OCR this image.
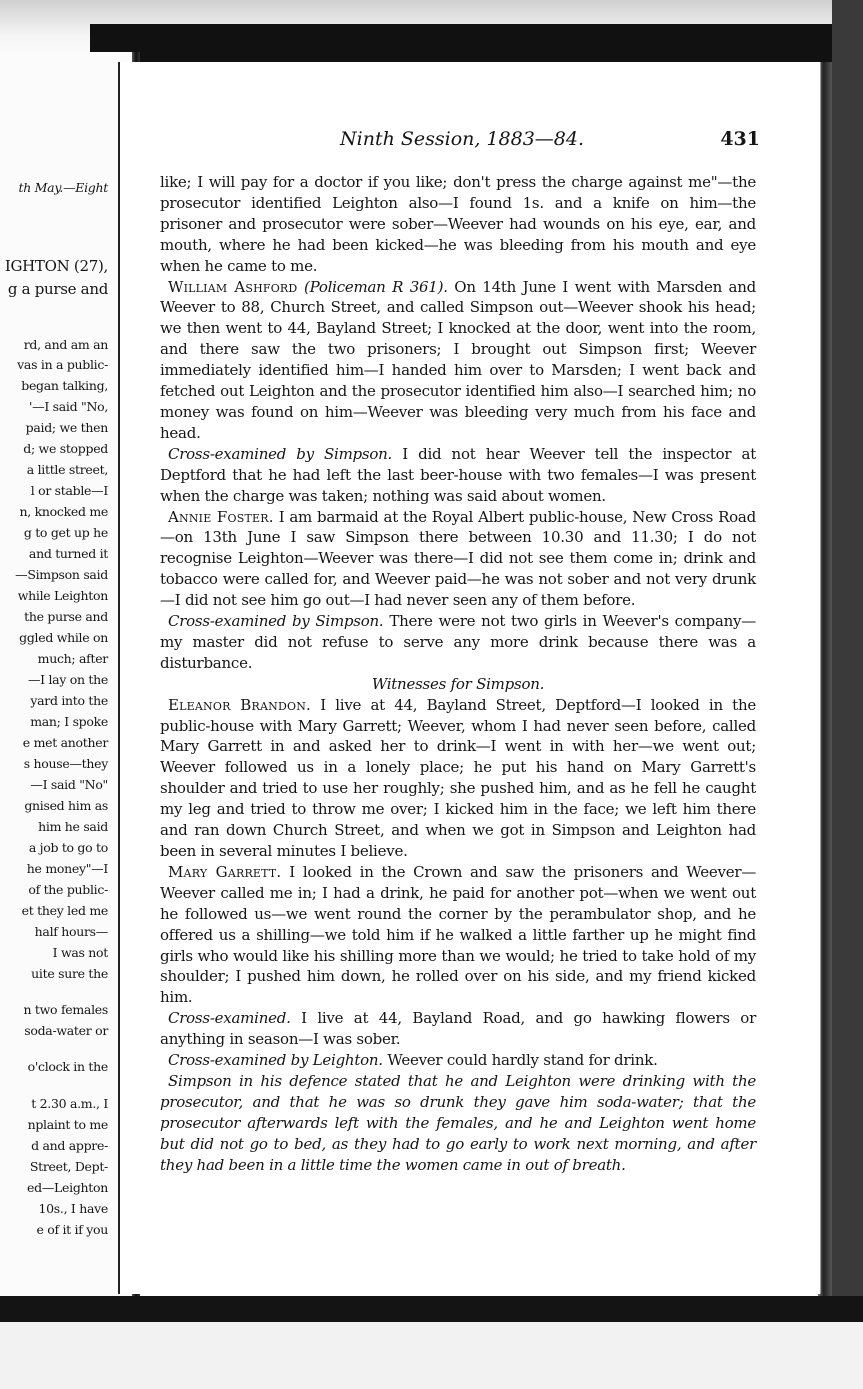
th May.—Eight
IGHTON (27),
g a purse and
rd, and am an
vas in a public-
began talking,
'—I said "No,
paid; we then
d; we stopped
a little street,
l or stable—I
n, knocked me
g to get up he
and turned it
—Simpson said
while Leighton
the purse and
ggled while on
much; after
—I lay on the
yard into the
man; I spoke
e met another
s house—they
—I said "No"
gnised him as
him he said
a job to go to
he money"—I
of the public-
et they led me
half hours—
I was not
uite sure the
n two females
soda-water or
o'clock in the
t 2.30 a.m., I
nplaint to me
d and appre-
Street, Dept-
ed—Leighton
10s., I have
e of it if you
Ninth Session, 1883—84.	431

like; I will pay for a doctor if you like; don't press the charge against me"—the prosecutor identified Leighton also—I found 1s. and a knife on him—the prisoner and prosecutor were sober—Weever had wounds on his eye, ear, and mouth, where he had been kicked—he was bleeding from his mouth and eye when he came to me.

William Ashford (Policeman R 361). On 14th June I went with Marsden and Weever to 88, Church Street, and called Simpson out—Weever shook his head; we then went to 44, Bayland Street; I knocked at the door, went into the room, and there saw the two prisoners; I brought out Simpson first; Weever immediately identified him—I handed him over to Marsden; I went back and fetched out Leighton and the prosecutor identified him also—I searched him; no money was found on him—Weever was bleeding very much from his face and head.

Cross-examined by Simpson. I did not hear Weever tell the inspector at Deptford that he had left the last beer-house with two females—I was present when the charge was taken; nothing was said about women.

Annie Foster. I am barmaid at the Royal Albert public-house, New Cross Road—on 13th June I saw Simpson there between 10.30 and 11.30; I do not recognise Leighton—Weever was there—I did not see them come in; drink and tobacco were called for, and Weever paid—he was not sober and not very drunk—I did not see him go out—I had never seen any of them before.

Cross-examined by Simpson. There were not two girls in Weever's company—my master did not refuse to serve any more drink because there was a disturbance.

Witnesses for Simpson.

Eleanor Brandon. I live at 44, Bayland Street, Deptford—I looked in the public-house with Mary Garrett; Weever, whom I had never seen before, called Mary Garrett in and asked her to drink—I went in with her—we went out; Weever followed us in a lonely place; he put his hand on Mary Garrett's shoulder and tried to use her roughly; she pushed him, and as he fell he caught my leg and tried to throw me over; I kicked him in the face; we left him there and ran down Church Street, and when we got in Simpson and Leighton had been in several minutes I believe.

Mary Garrett. I looked in the Crown and saw the prisoners and Weever—Weever called me in; I had a drink, he paid for another pot—when we went out he followed us—we went round the corner by the perambulator shop, and he offered us a shilling—we told him if he walked a little farther up he might find girls who would like his shilling more than we would; he tried to take hold of my shoulder; I pushed him down, he rolled over on his side, and my friend kicked him.

Cross-examined. I live at 44, Bayland Road, and go hawking flowers or anything in season—I was sober.

Cross-examined by Leighton. Weever could hardly stand for drink.

Simpson in his defence stated that he and Leighton were drinking with the prosecutor, and that he was so drunk they gave him soda-water; that the prosecutor afterwards left with the females, and he and Leighton went home but did not go to bed, as they had to go early to work next morning, and after they had been in a little time the women came in out of breath.
